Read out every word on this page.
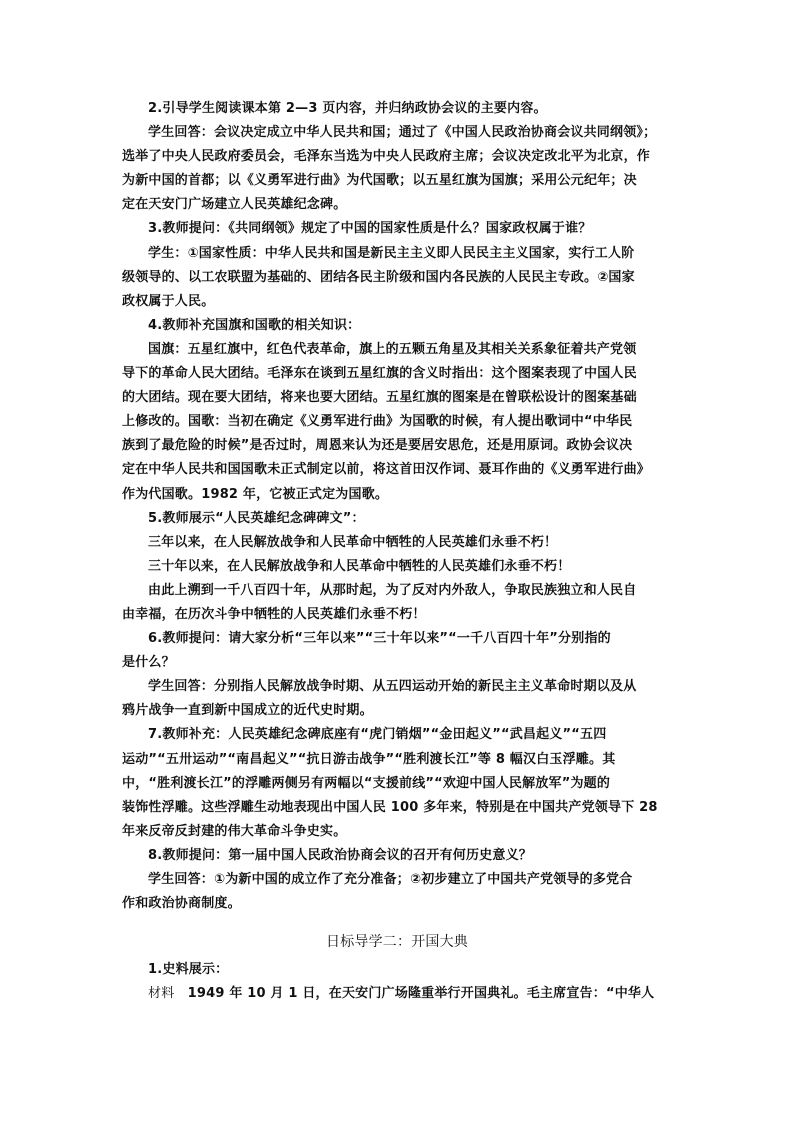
2.引导学生阅读课本第 2—3 页内容，并归纳政协会议的主要内容。
学生回答：会议决定成立中华人民共和国；通过了《中国人民政治协商会议共同纲领》；
选举了中央人民政府委员会，毛泽东当选为中央人民政府主席；会议决定改北平为北京，作
为新中国的首都；以《义勇军进行曲》为代国歌；以五星红旗为国旗；采用公元纪年；决
定在天安门广场建立人民英雄纪念碑。
3.教师提问：《共同纲领》规定了中国的国家性质是什么？国家政权属于谁？
学生：①国家性质：中华人民共和国是新民主主义即人民民主主义国家，实行工人阶
级领导的、以工农联盟为基础的、团结各民主阶级和国内各民族的人民民主专政。②国家
政权属于人民。
4.教师补充国旗和国歌的相关知识：
国旗：五星红旗中，红色代表革命，旗上的五颗五角星及其相关关系象征着共产党领
导下的革命人民大团结。毛泽东在谈到五星红旗的含义时指出：这个图案表现了中国人民
的大团结。现在要大团结，将来也要大团结。五星红旗的图案是在曾联松设计的图案基础
上修改的。国歌：当初在确定《义勇军进行曲》为国歌的时候，有人提出歌词中“中华民
族到了最危险的时候”是否过时，周恩来认为还是要居安思危，还是用原词。政协会议决
定在中华人民共和国国歌未正式制定以前，将这首田汉作词、聂耳作曲的《义勇军进行曲》
作为代国歌。1982 年，它被正式定为国歌。
5.教师展示“人民英雄纪念碑碑文”：
三年以来，在人民解放战争和人民革命中牺牲的人民英雄们永垂不朽！
三十年以来，在人民解放战争和人民革命中牺牲的人民英雄们永垂不朽！
由此上溯到一千八百四十年，从那时起，为了反对内外敌人，争取民族独立和人民自
由幸福，在历次斗争中牺牲的人民英雄们永垂不朽！
6.教师提问：请大家分析“三年以来”“三十年以来”“一千八百四十年”分别指的
是什么？
学生回答：分别指人民解放战争时期、从五四运动开始的新民主主义革命时期以及从
鸦片战争一直到新中国成立的近代史时期。
7.教师补充：人民英雄纪念碑底座有“虎门销烟”“金田起义”“武昌起义”“五四
运动”“五卅运动”“南昌起义”“抗日游击战争”“胜利渡长江”等 8 幅汉白玉浮雕。其
中，“胜利渡长江”的浮雕两侧另有两幅以“支援前线”“欢迎中国人民解放军”为题的
装饰性浮雕。这些浮雕生动地表现出中国人民 100 多年来，特别是在中国共产党领导下 28
年来反帝反封建的伟大革命斗争史实。
8.教师提问：第一届中国人民政治协商会议的召开有何历史意义？
学生回答：①为新中国的成立作了充分准备；②初步建立了中国共产党领导的多党合
作和政治协商制度。
日标导学二：开国大典
1.史料展示：
材料　1949 年 10 月 1 日，在天安门广场隆重举行开国典礼。毛主席宣告：“中华人
